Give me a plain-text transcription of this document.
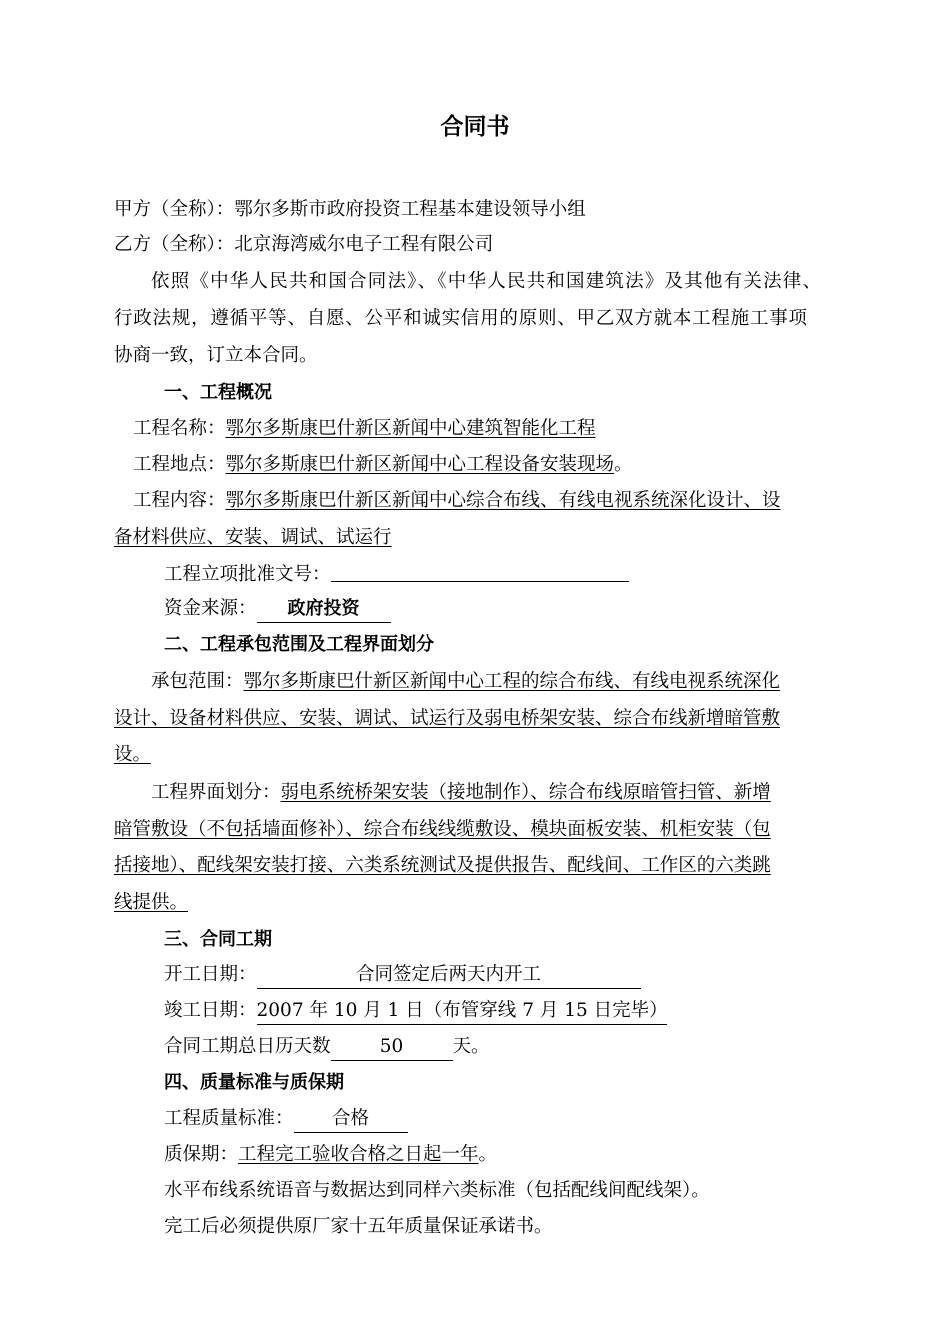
合同书
甲方（全称）：鄂尔多斯市政府投资工程基本建设领导小组
乙方（全称）：北京海湾威尔电子工程有限公司
依照《中华人民共和国合同法》、《中华人民共和国建筑法》及其他有关法律、
行政法规，遵循平等、自愿、公平和诚实信用的原则、甲乙双方就本工程施工事项
协商一致，订立本合同。
一、工程概况
工程名称：鄂尔多斯康巴什新区新闻中心建筑智能化工程
工程地点：鄂尔多斯康巴什新区新闻中心工程设备安装现场。
工程内容：鄂尔多斯康巴什新区新闻中心综合布线、有线电视系统深化设计、设
备材料供应、安装、调试、试运行
工程立项批准文号：
资金来源： 政府投资
二、工程承包范围及工程界面划分
承包范围：鄂尔多斯康巴什新区新闻中心工程的综合布线、有线电视系统深化
设计、设备材料供应、安装、调试、试运行及弱电桥架安装、综合布线新增暗管敷
设。
工程界面划分：弱电系统桥架安装（接地制作）、综合布线原暗管扫管、新增
暗管敷设（不包括墙面修补）、综合布线线缆敷设、模块面板安装、机柜安装（包
括接地）、配线架安装打接、六类系统测试及提供报告、配线间、工作区的六类跳
线提供。
三、合同工期
开工日期：	合同签定后两天内开工
竣工日期：2007 年 10 月 1 日（布管穿线 7 月 15 日完毕）
合同工期总日历天数	50	天。
四、质量标准与质保期
工程质量标准： 合格
质保期：工程完工验收合格之日起一年。
水平布线系统语音与数据达到同样六类标准（包括配线间配线架）。
完工后必须提供原厂家十五年质量保证承诺书。
